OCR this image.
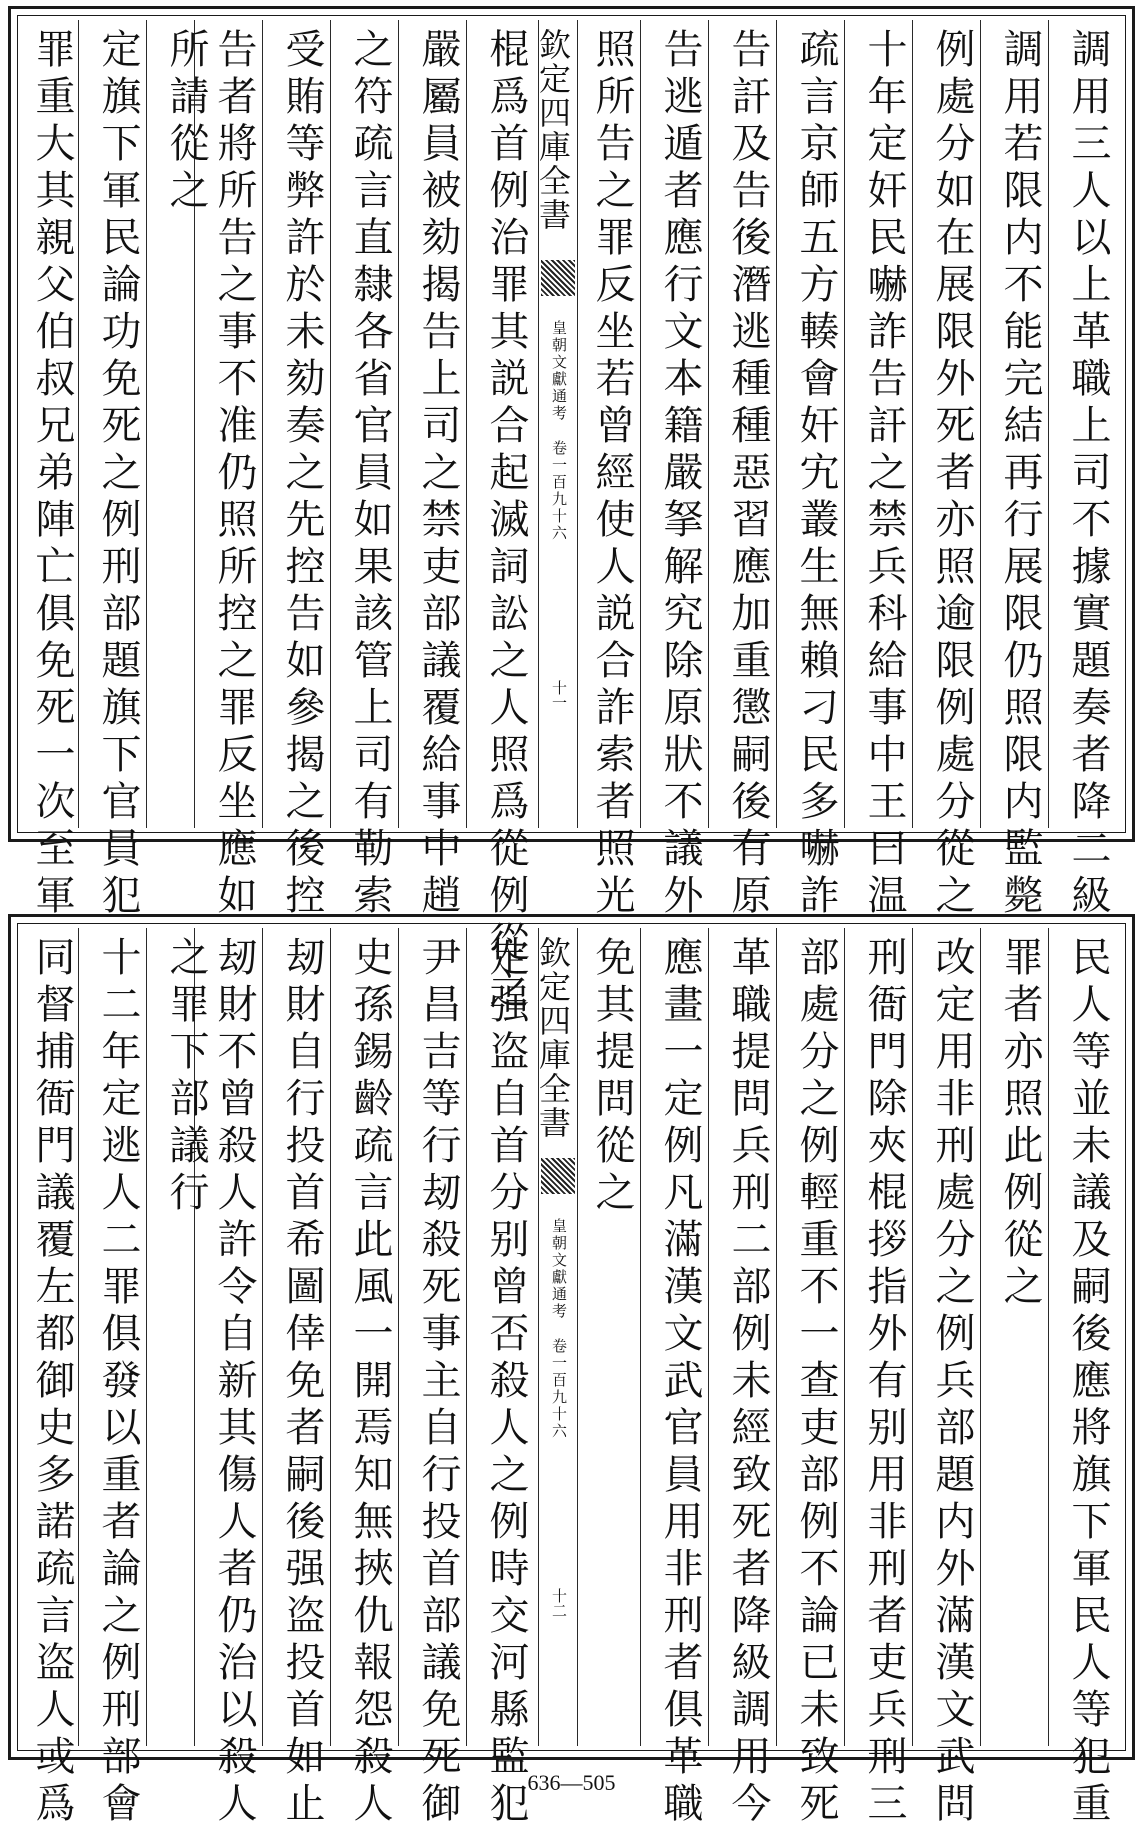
調用三人以上革職上司不據實題奏者降二級
調用若限内不能完結再行展限仍照限内監斃
例處分如在展限外死者亦照逾限例處分從之
十年定奸民嚇詐告訐之禁兵科給事中王曰温
疏言京師五方輳會奸宄叢生無賴刁民多嚇詐
告訐及告後潛逃種種惡習應加重懲嗣後有原
告逃遁者應行文本籍嚴拏解究除原狀不議外
照所告之罪反坐若曾經使人説合詐索者照光
欽定四庫全書
皇朝文獻通考
卷一百九十六
十一
棍爲首例治罪其説合起滅詞訟之人照爲從例從之
嚴屬員被劾揭告上司之禁吏部議覆給事中趙
之符疏言直隸各省官員如果該管上司有勒索
受賄等弊許於未劾奏之先控告如參揭之後控
告者將所告之事不准仍照所控之罪反坐應如
所請從之
定旗下軍民論功免死之例刑部題旗下官員犯
罪重大其親父伯叔兄弟陣亡俱免死一次至軍
民人等並未議及嗣後應將旗下軍民人等犯重
罪者亦照此例從之
改定用非刑處分之例兵部題内外滿漢文武問
刑衙門除夾棍拶指外有别用非刑者吏兵刑三
部處分之例輕重不一查吏部例不論已未致死
革職提問兵刑二部例未經致死者降級調用今
應畫一定例凡滿漢文武官員用非刑者俱革職
免其提問從之
欽定四庫全書
皇朝文獻通考
卷一百九十六
十二
定强盗自首分别曾否殺人之例時交河縣監犯
尹昌吉等行刼殺死事主自行投首部議免死御
史孫錫齡疏言此風一開焉知無挾仇報怨殺人
刼財自行投首希圖倖免者嗣後强盗投首如止
刼財不曾殺人許令自新其傷人者仍治以殺人
之罪下部議行
十二年定逃人二罪俱發以重者論之例刑部會
同督捕衙門議覆左都御史多諾疏言盗人或爲	636—505
